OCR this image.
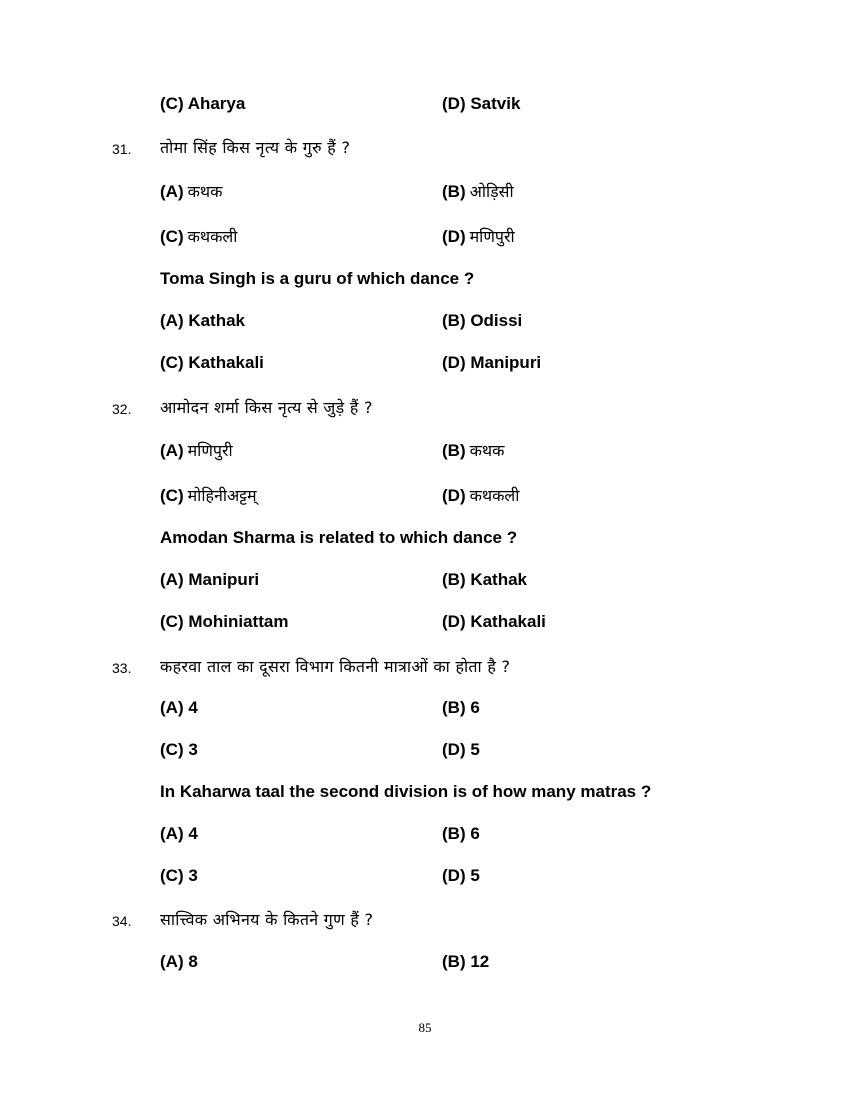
(C) Aharya	(D) Satvik
31. तोमा सिंह किस नृत्य के गुरु हैं ?
(A) कथक	(B) ओड़िसी
(C) कथकली	(D) मणिपुरी
Toma Singh is a guru of which dance ?
(A) Kathak	(B) Odissi
(C) Kathakali	(D) Manipuri
32. आमोदन शर्मा किस नृत्य से जुड़े हैं ?
(A) मणिपुरी	(B) कथक
(C) मोहिनीअट्टम्	(D) कथकली
Amodan Sharma is related to which dance ?
(A) Manipuri	(B) Kathak
(C) Mohiniattam	(D) Kathakali
33. कहरवा ताल का दूसरा विभाग कितनी मात्राओं का होता है ?
(A) 4	(B) 6
(C) 3	(D) 5
In Kaharwa taal the second division is of how many matras ?
(A) 4	(B) 6
(C) 3	(D) 5
34. सात्त्विक अभिनय के कितने गुण हैं ?
(A) 8	(B) 12
85
